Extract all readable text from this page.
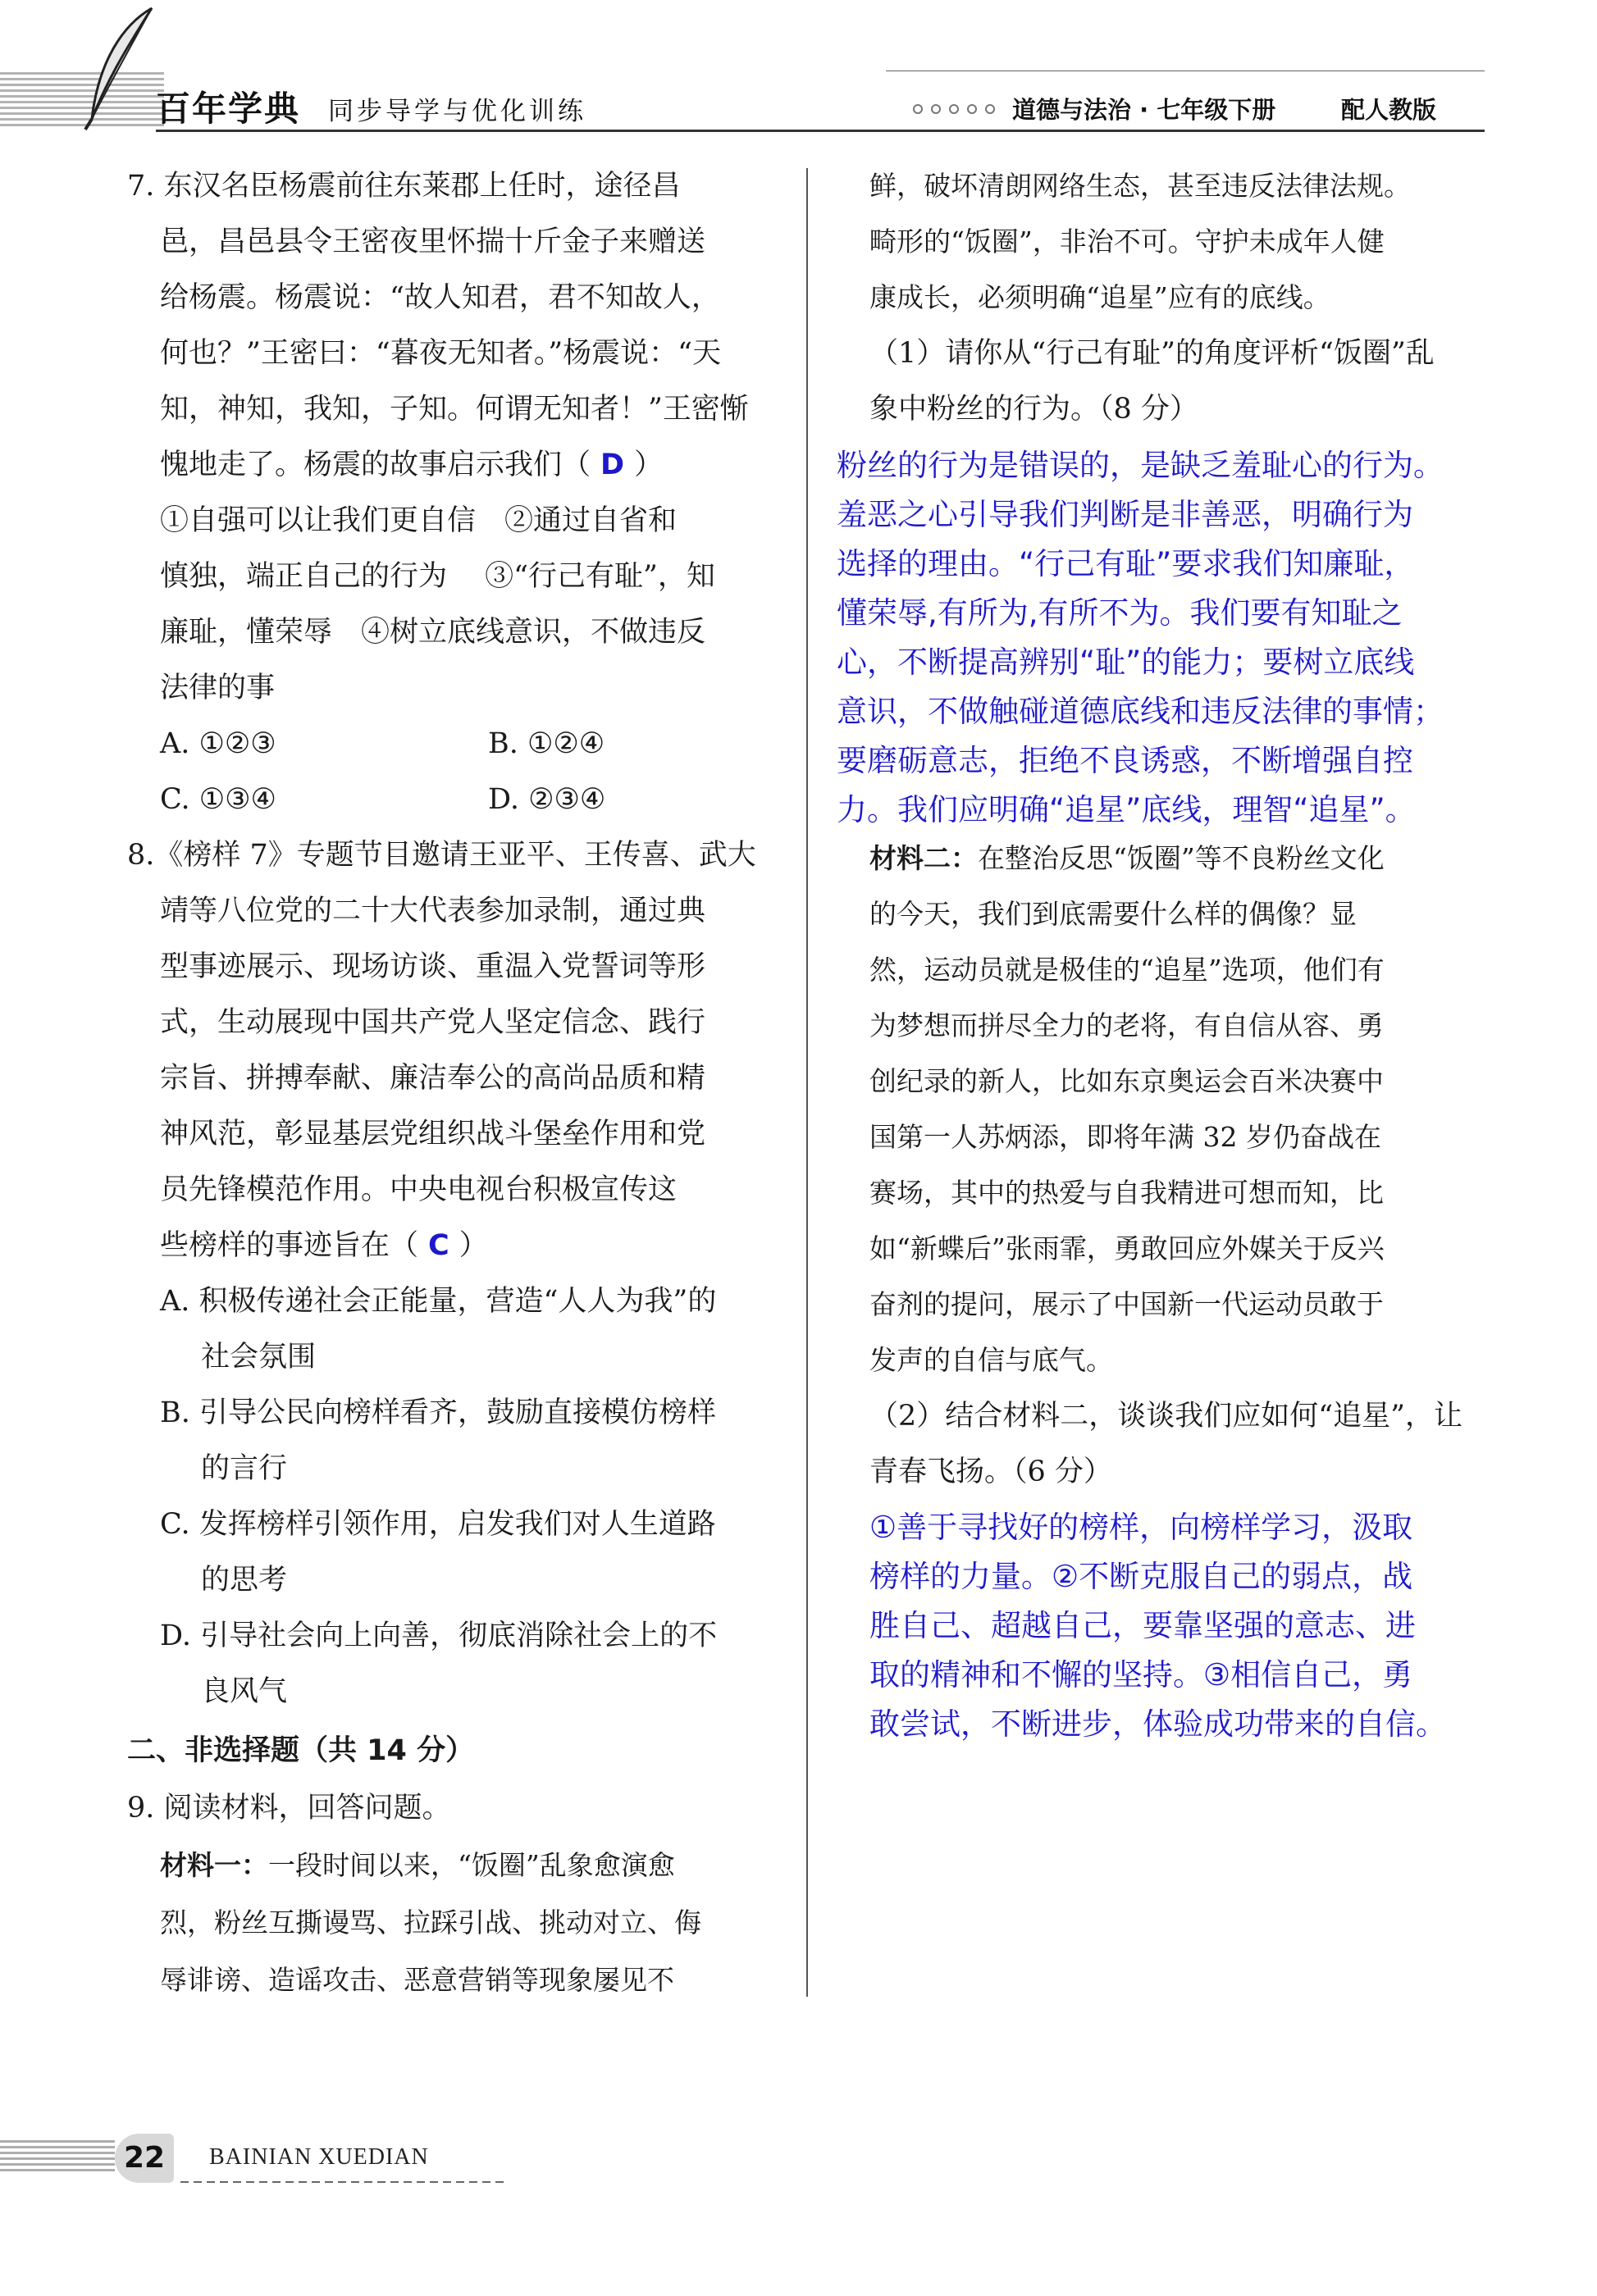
百年学典 同步导学与优化训练	道德与法治 · 七年级下册	配人教版
7. 东汉名臣杨震前往东莱郡上任时，途径昌
邑，昌邑县令王密夜里怀揣十斤金子来赠送
给杨震。杨震说：“故人知君，君不知故人，
何也？”王密曰：“暮夜无知者。”杨震说：“天
知，神知，我知，子知。何谓无知者！”王密惭
愧地走了。杨震的故事启示我们（ D ）
①自强可以让我们更自信　②通过自省和
慎独，端正自己的行为　 ③“行己有耻”，知
廉耻，懂荣辱　④树立底线意识，不做违反
法律的事
A. ①②③	B. ①②④
C. ①③④	D. ②③④
8.《榜样 7》专题节目邀请王亚平、王传喜、武大
靖等八位党的二十大代表参加录制，通过典
型事迹展示、现场访谈、重温入党誓词等形
式，生动展现中国共产党人坚定信念、践行
宗旨、拼搏奉献、廉洁奉公的高尚品质和精
神风范，彰显基层党组织战斗堡垒作用和党
员先锋模范作用。中央电视台积极宣传这
些榜样的事迹旨在（ C ）
A. 积极传递社会正能量，营造“人人为我”的
社会氛围
B. 引导公民向榜样看齐，鼓励直接模仿榜样
的言行
C. 发挥榜样引领作用，启发我们对人生道路
的思考
D. 引导社会向上向善，彻底消除社会上的不
良风气
二、非选择题（共 14 分）
9. 阅读材料，回答问题。
材料一：一段时间以来，“饭圈”乱象愈演愈
烈，粉丝互撕谩骂、拉踩引战、挑动对立、侮
辱诽谤、造谣攻击、恶意营销等现象屡见不
鲜，破坏清朗网络生态，甚至违反法律法规。
畸形的“饭圈”，非治不可。守护未成年人健
康成长，必须明确“追星”应有的底线。
（1）请你从“行己有耻”的角度评析“饭圈”乱
象中粉丝的行为。（8 分）
粉丝的行为是错误的，是缺乏羞耻心的行为。
羞恶之心引导我们判断是非善恶，明确行为
选择的理由。“行己有耻”要求我们知廉耻，
懂荣辱,有所为,有所不为。我们要有知耻之
心，不断提高辨别“耻”的能力；要树立底线
意识，不做触碰道德底线和违反法律的事情；
要磨砺意志，拒绝不良诱惑，不断增强自控
力。我们应明确“追星”底线，理智“追星”。
材料二：在整治反思“饭圈”等不良粉丝文化
的今天，我们到底需要什么样的偶像？显
然，运动员就是极佳的“追星”选项，他们有
为梦想而拼尽全力的老将，有自信从容、勇
创纪录的新人，比如东京奥运会百米决赛中
国第一人苏炳添，即将年满 32 岁仍奋战在
赛场，其中的热爱与自我精进可想而知，比
如“新蝶后”张雨霏，勇敢回应外媒关于反兴
奋剂的提问，展示了中国新一代运动员敢于
发声的自信与底气。
（2）结合材料二，谈谈我们应如何“追星”，让
青春飞扬。（6 分）
①善于寻找好的榜样，向榜样学习，汲取
榜样的力量。②不断克服自己的弱点，战
胜自己、超越自己，要靠坚强的意志、进
取的精神和不懈的坚持。③相信自己，勇
敢尝试，不断进步，体验成功带来的自信。
22	BAINIAN XUEDIAN
